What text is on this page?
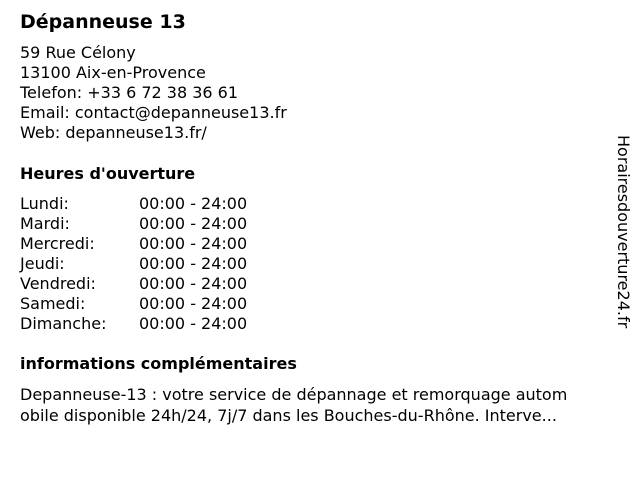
Dépanneuse 13
59 Rue Célony
13100 Aix-en-Provence
Telefon: +33 6 72 38 36 61
Email: contact@depanneuse13.fr
Web: depanneuse13.fr/
Heures d'ouverture
Lundi:	00:00 - 24:00
Mardi:	00:00 - 24:00
Mercredi:	00:00 - 24:00
Jeudi:	00:00 - 24:00
Vendredi:	00:00 - 24:00
Samedi:	00:00 - 24:00
Dimanche: 00:00 - 24:00
informations complémentaires
Depanneuse-13 : votre service de dépannage et remorquage autom
obile disponible 24h/24, 7j/7 dans les Bouches-du-Rhône. Interve...
Horairesdouverture24.fr
